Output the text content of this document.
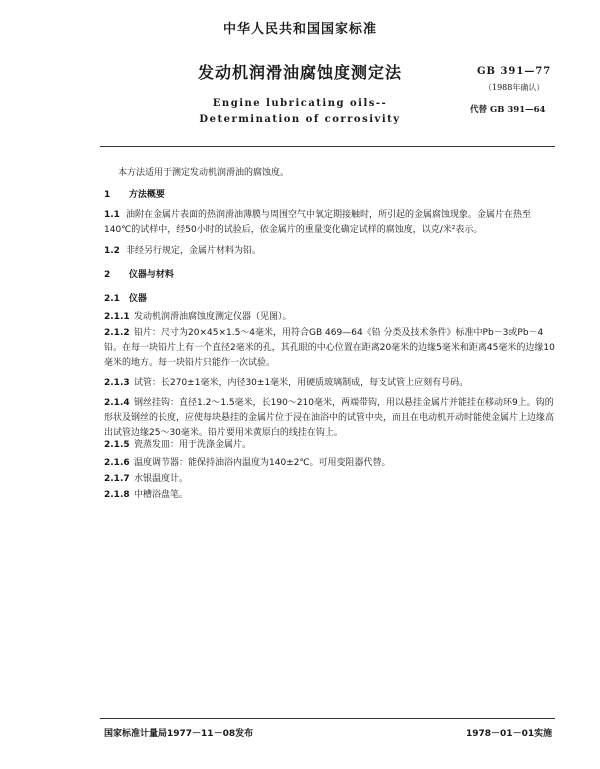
中华人民共和国国家标准
发动机润滑油腐蚀度测定法
Engine lubricating oils--
Determination of corrosivity
GB 391—77
（1988年确认）
代替 GB 391—64
本方法适用于测定发动机润滑油的腐蚀度。
1 方法概要
1.1 油附在金属片表面的热润滑油薄膜与周围空气中氧定期接触时，所引起的金属腐蚀现象。金属片在热至140℃的试样中，经50小时的试验后，依金属片的重量变化确定试样的腐蚀度，以克/米²表示。
1.2 非经另行规定，金属片材料为铅。
2 仪器与材料
2.1 仪器
2.1.1 发动机润滑油腐蚀度测定仪器（见图）。
2.1.2 铅片：尺寸为20×45×1.5～4毫米，用符合GB 469—64《铅 分类及技术条件》标准中Pb－3或Pb－4铅。在每一块铅片上有一个直径2毫米的孔，其孔眼的中心位置在距离20毫米的边缘5毫米和距离45毫米的边缘10毫米的地方。每一块铅片只能作一次试验。
2.1.3 试管：长270±1毫米，内径30±1毫米，用硬质玻璃制成，每支试管上应刻有号码。
2.1.4 钢丝挂钩：直径1.2～1.5毫米，长190～210毫米，两端带钩，用以悬挂金属片并能挂在移动环9上。钩的形状及钢丝的长度，应使每块悬挂的金属片位于浸在油浴中的试管中央，而且在电动机开动时能使金属片上边缘高出试管边缘25～30毫米。铅片要用米黄原白的线挂在钩上。
2.1.5 瓷蒸发皿：用于洗涤金属片。
2.1.6 温度调节器：能保持油浴内温度为140±2℃。可用变阻器代替。
2.1.7 水银温度计。
2.1.8 中槽浴盘笔。
国家标准计量局1977－11－08发布	1978－01－01实施
